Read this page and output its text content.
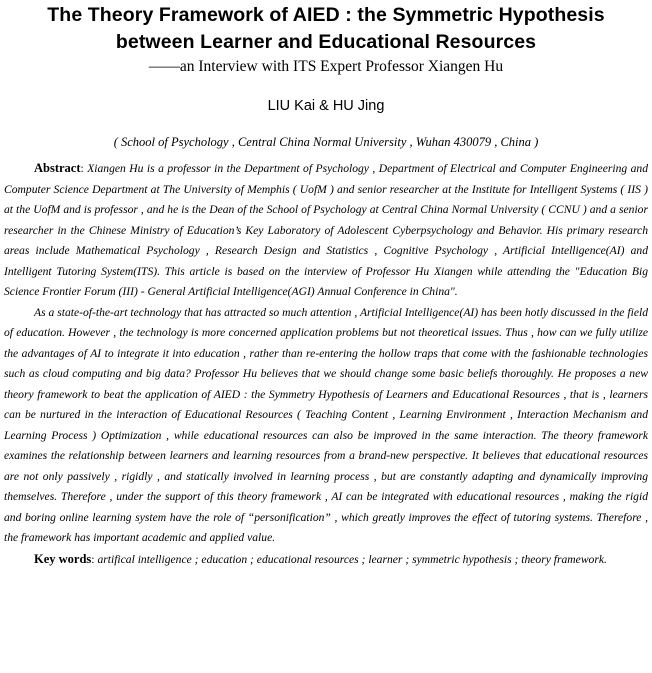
The Theory Framework of AIED : the Symmetric Hypothesis
between Learner and Educational Resources
——an Interview with ITS Expert Professor Xiangen Hu
LIU Kai & HU Jing
( School of Psychology , Central China Normal University , Wuhan 430079 , China )

Abstract: Xiangen Hu is a professor in the Department of Psychology , Department of Electrical and Computer Engineering and Computer Science Department at The University of Memphis ( UofM ) and senior researcher at the Institute for Intelligent Systems ( IIS ) at the UofM and is professor , and he is the Dean of the School of Psychology at Central China Normal University ( CCNU ) and a senior researcher in the Chinese Ministry of Education’s Key Laboratory of Adolescent Cyberpsychology and Behavior. His primary research areas include Mathematical Psychology , Research Design and Statistics , Cognitive Psychology , Artificial Intelligence(AI) and Intelligent Tutoring System(ITS). This article is based on the interview of Professor Hu Xiangen while attending the "Education Big Science Frontier Forum (III) - General Artificial Intelligence(AGI) Annual Conference in China".

As a state-of-the-art technology that has attracted so much attention , Artificial Intelligence(AI) has been hotly discussed in the field of education. However , the technology is more concerned application problems but not theoretical issues. Thus , how can we fully utilize the advantages of AI to integrate it into education , rather than re-entering the hollow traps that come with the fashionable technologies such as cloud computing and big data? Professor Hu believes that we should change some basic beliefs thoroughly. He proposes a new theory framework to beat the application of AIED : the Symmetry Hypothesis of Learners and Educational Resources , that is , learners can be nurtured in the interaction of Educational Resources ( Teaching Content , Learning Environment , Interaction Mechanism and Learning Process ) Optimization , while educational resources can also be improved in the same interaction. The theory framework examines the relationship between learners and learning resources from a brand-new perspective. It believes that educational resources are not only passively , rigidly , and statically involved in learning process , but are constantly adapting and dynamically improving themselves. Therefore , under the support of this theory framework , AI can be integrated with educational resources , making the rigid and boring online learning system have the role of “personification” , which greatly improves the effect of tutoring systems. Therefore , the framework has important academic and applied value.

Key words: artifical intelligence ; education ; educational resources ; learner ; symmetric hypothesis ; theory framework.
